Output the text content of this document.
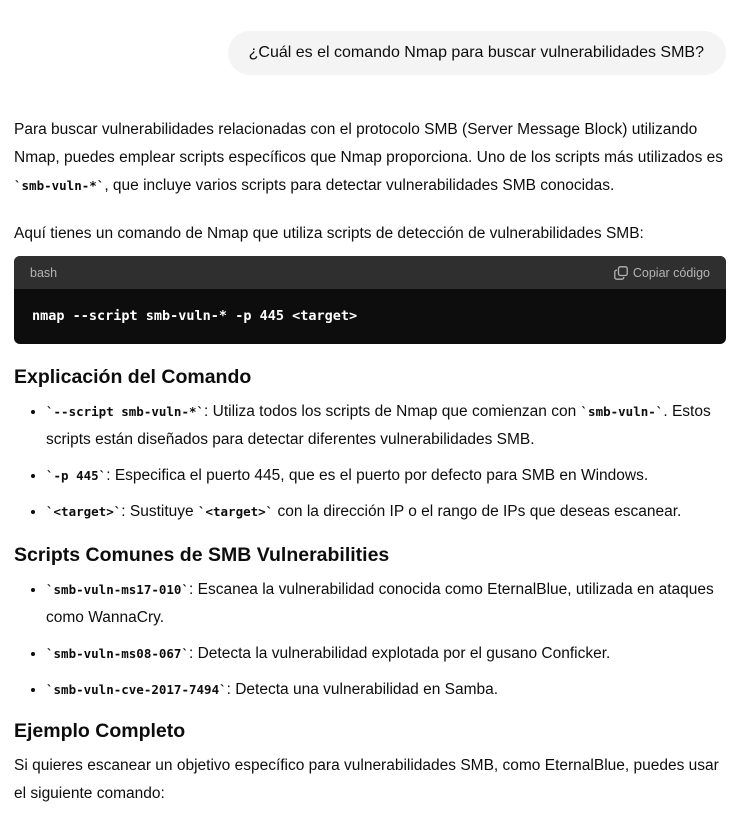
¿Cuál es el comando Nmap para buscar vulnerabilidades SMB?

Para buscar vulnerabilidades relacionadas con el protocolo SMB (Server Message Block) utilizando Nmap, puedes emplear scripts específicos que Nmap proporciona. Uno de los scripts más utilizados es `smb-vuln-*`, que incluye varios scripts para detectar vulnerabilidades SMB conocidas.

Aquí tienes un comando de Nmap que utiliza scripts de detección de vulnerabilidades SMB:

bash	Copiar código
nmap --script smb-vuln-* -p 445 <target>
Explicación del Comando
• `--script smb-vuln-*`: Utiliza todos los scripts de Nmap que comienzan con `smb-vuln-`. Estos scripts están diseñados para detectar diferentes vulnerabilidades SMB.
• `-p 445`: Especifica el puerto 445, que es el puerto por defecto para SMB en Windows.
• `<target>`: Sustituye `<target>` con la dirección IP o el rango de IPs que deseas escanear.
Scripts Comunes de SMB Vulnerabilities
• `smb-vuln-ms17-010`: Escanea la vulnerabilidad conocida como EternalBlue, utilizada en ataques como WannaCry.
• `smb-vuln-ms08-067`: Detecta la vulnerabilidad explotada por el gusano Conficker.
• `smb-vuln-cve-2017-7494`: Detecta una vulnerabilidad en Samba.
Ejemplo Completo

Si quieres escanear un objetivo específico para vulnerabilidades SMB, como EternalBlue, puedes usar el siguiente comando:
